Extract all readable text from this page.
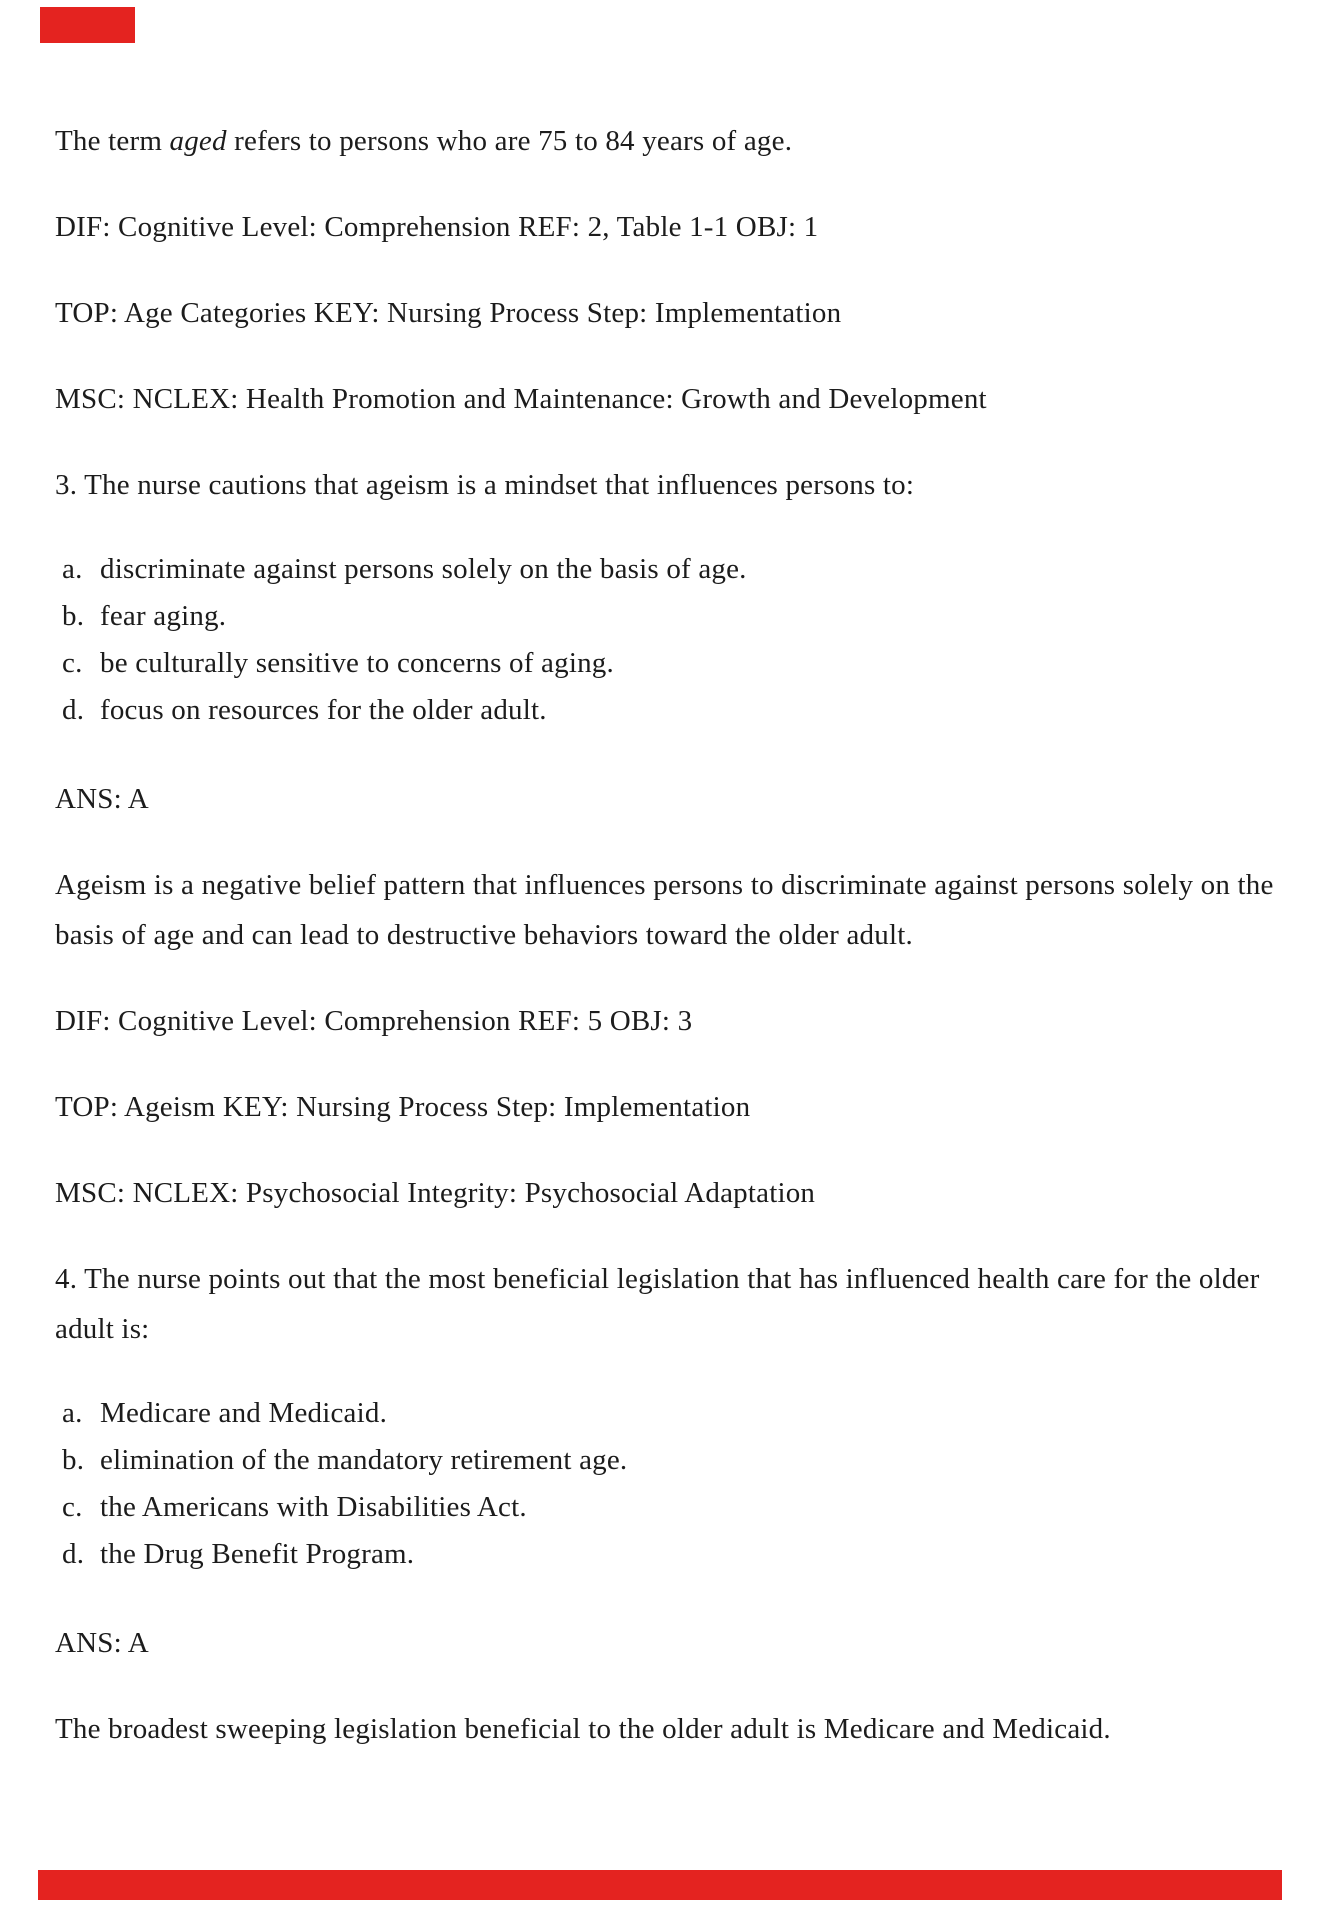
The term aged refers to persons who are 75 to 84 years of age.

DIF: Cognitive Level: Comprehension REF: 2, Table 1-1 OBJ: 1

TOP: Age Categories KEY: Nursing Process Step: Implementation

MSC: NCLEX: Health Promotion and Maintenance: Growth and Development

3. The nurse cautions that ageism is a mindset that influences persons to:

a. discriminate against persons solely on the basis of age.
b. fear aging.
c. be culturally sensitive to concerns of aging.
d. focus on resources for the older adult.

ANS: A

Ageism is a negative belief pattern that influences persons to discriminate against persons solely on the basis of age and can lead to destructive behaviors toward the older adult.

DIF: Cognitive Level: Comprehension REF: 5 OBJ: 3

TOP: Ageism KEY: Nursing Process Step: Implementation

MSC: NCLEX: Psychosocial Integrity: Psychosocial Adaptation

4. The nurse points out that the most beneficial legislation that has influenced health care for the older adult is:

a. Medicare and Medicaid.
b. elimination of the mandatory retirement age.
c. the Americans with Disabilities Act.
d. the Drug Benefit Program.

ANS: A

The broadest sweeping legislation beneficial to the older adult is Medicare and Medicaid.
